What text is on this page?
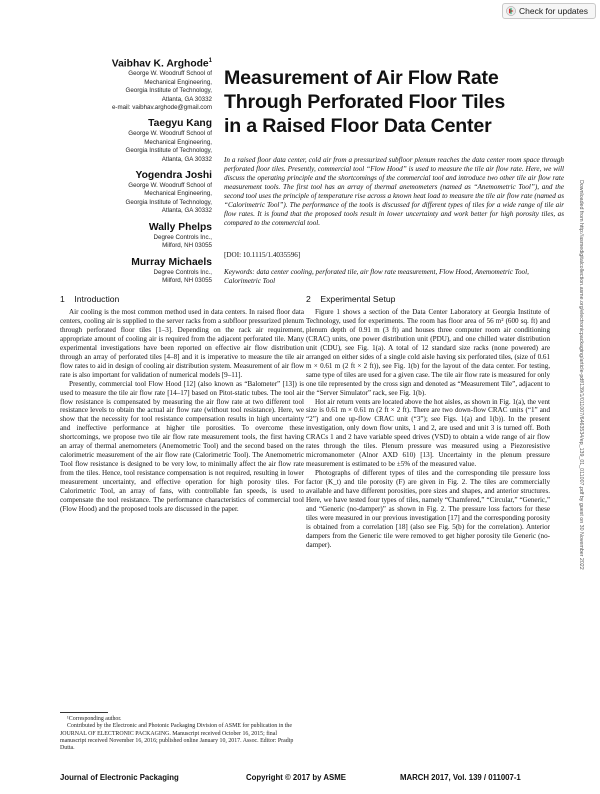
Check for updates
Vaibhav K. Arghode$^1$
George W. Woodruff School of
Mechanical Engineering,
Georgia Institute of Technology,
Atlanta, GA 30332
e-mail: vaibhav.arghode@gmail.com
Taegyu Kang
George W. Woodruff School of
Mechanical Engineering,
Georgia Institute of Technology,
Atlanta, GA 30332
Yogendra Joshi
George W. Woodruff School of
Mechanical Engineering,
Georgia Institute of Technology,
Atlanta, GA 30332
Wally Phelps
Degree Controls Inc.,
Milford, NH 03055
Murray Michaels
Degree Controls Inc.,
Milford, NH 03055
Measurement of Air Flow Rate
Through Perforated Floor Tiles
in a Raised Floor Data Center
In a raised floor data center, cold air from a pressurized subfloor plenum reaches the data center room space through perforated floor tiles. Presently, commercial tool “Flow Hood” is used to measure the tile air flow rate. Here, we will discuss the operating principle and the shortcomings of the commercial tool and introduce two other tile air flow rate measurement tools. The first tool has an array of thermal anemometers (named as “Anemometric Tool”), and the second tool uses the principle of temperature rise across a known heat load to measure the tile air flow rate (named as “Calorimetric Tool”). The performance of the tools is discussed for different types of tiles for a wide range of tile air flow rates. It is found that the proposed tools result in lower uncertainty and work better for high porosity tiles, as compared to the commercial tool.
[DOI: 10.1115/1.4035596]
Keywords: data center cooling, perforated tile, air flow rate measurement, Flow Hood, Anemometric Tool, Calorimetric Tool	Downloaded from http://asmedigitalcollection.asme.org/electronicpackaging/article-pdf/139/1/011007/6463534/ep_139_01_011007.pdf by guest on 30 November 2022
1 Introduction

Air cooling is the most common method used in data centers. In raised floor data centers, cooling air is supplied to the server racks from a subfloor pressurized plenum through perforated floor tiles [1–3]. Depending on the rack air requirement, appropriate amount of cooling air is required from the adjacent perforated tile. Many experimental investigations have been reported on effective air flow distribution through an array of perforated tiles [4–8] and it is imperative to measure the tile air flow rates to aid in design of cooling air distribution system. Measurement of air flow rate is also important for validation of numerical models [9–11].

Presently, commercial tool Flow Hood [12] (also known as “Balometer” [13]) is used to measure the tile air flow rate [14–17] based on Pitot-static tubes. The tool air flow resistance is compensated by measuring the air flow rate at two different tool resistance levels to obtain the actual air flow rate (without tool resistance). Here, we show that the necessity for tool resistance compensation results in high uncertainty and ineffective performance at higher tile porosities. To overcome these shortcomings, we propose two tile air flow rate measurement tools, the first having an array of thermal anemometers (Anemometric Tool) and the second based on the calorimetric measurement of the air flow rate (Calorimetric Tool). The Anemometric Tool flow resistance is designed to be very low, to minimally affect the air flow rate from the tiles. Hence, tool resistance compensation is not required, resulting in lower measurement uncertainty, and effective operation for high porosity tiles. For Calorimetric Tool, an array of fans, with controllable fan speeds, is used to compensate the tool resistance. The performance characteristics of commercial tool (Flow Hood) and the proposed tools are discussed in the paper.

2 Experimental Setup

Figure 1 shows a section of the Data Center Laboratory at Georgia Institute of Technology, used for experiments. The room has floor area of 56 m² (600 sq. ft) and plenum depth of 0.91 m (3 ft) and houses three computer room air conditioning (CRAC) units, one power distribution unit (PDU), and one chilled water distribution unit (CDU), see Fig. 1(a). A total of 12 standard size racks (none powered) are arranged on either sides of a single cold aisle having six perforated tiles, (size of 0.61 m × 0.61 m (2 ft × 2 ft)), see Fig. 1(b) for the layout of the data center. For testing, same type of tiles are used for a given case. The tile air flow rate is measured for only one tile represented by the cross sign and denoted as “Measurement Tile”, adjacent to the “Server Simulator” rack, see Fig. 1(b).

Hot air return vents are located above the hot aisles, as shown in Fig. 1(a), the vent size is 0.61 m × 0.61 m (2 ft × 2 ft). There are two down-flow CRAC units (“1” and “2”) and one up-flow CRAC unit (“3”); see Figs. 1(a) and 1(b)). In the present investigation, only down flow units, 1 and 2, are used and unit 3 is turned off. Both CRACs 1 and 2 have variable speed drives (VSD) to obtain a wide range of air flow rates through the tiles. Plenum pressure was measured using a Piezoresistive micromanometer (Alnor AXD 610) [13]. Uncertainty in the plenum pressure measurement is estimated to be ±5% of the measured value.

Photographs of different types of tiles and the corresponding tile pressure loss factor (K_t) and tile porosity (F) are given in Fig. 2. The tiles are commercially available and have different porosities, pore sizes and shapes, and anterior structures. Here, we have tested four types of tiles, namely “Chamfered,” “Circular,” “Generic,” and “Generic (no-damper)” as shown in Fig. 2. The pressure loss factors for these tiles were measured in our previous investigation [17] and the corresponding porosity is obtained from a correlation [18] (also see Fig. 5(b) for the correlation). Anterior dampers from the Generic tile were removed to get higher porosity tile Generic (no-damper).

¹Corresponding author.

Contributed by the Electronic and Photonic Packaging Division of ASME for publication in the JOURNAL OF ELECTRONIC PACKAGING. Manuscript received October 16, 2015; final manuscript received November 16, 2016; published online January 10, 2017. Assoc. Editor: Pradip Dutta.

Journal of Electronic Packaging	Copyright © 2017 by ASME	MARCH 2017, Vol. 139 / 011007-1
